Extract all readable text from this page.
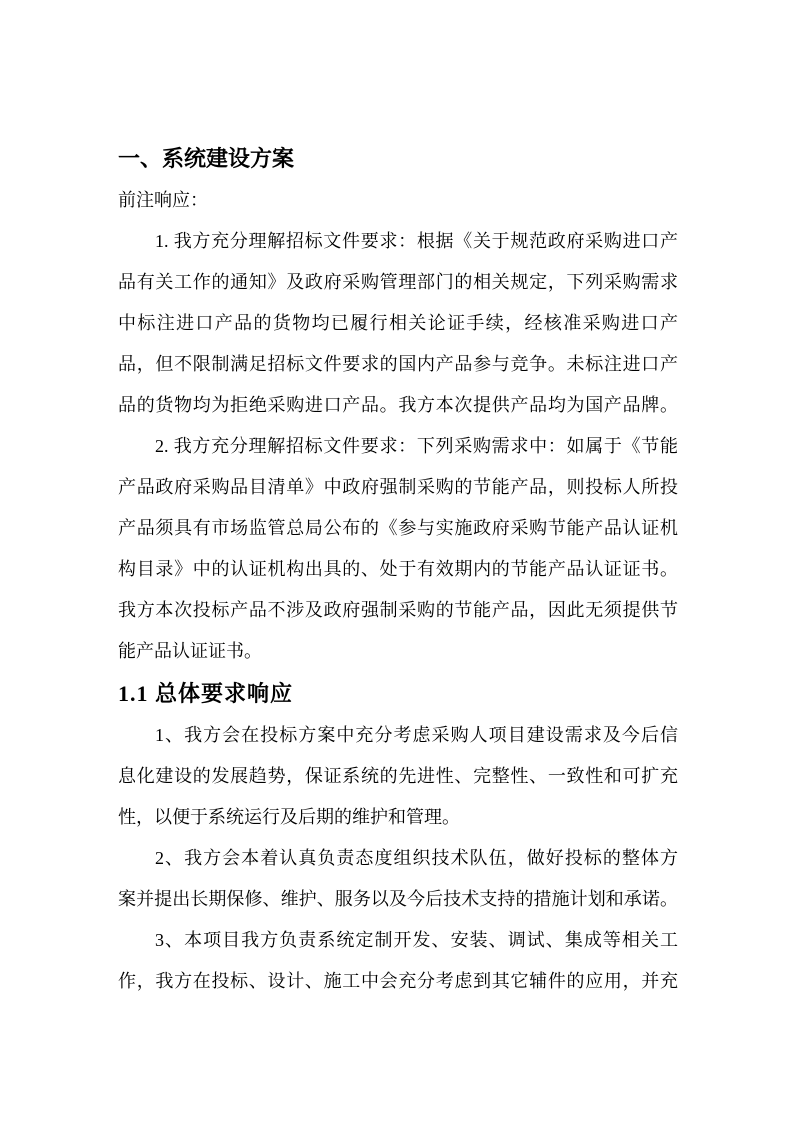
一、系统建设方案
前注响应：
1. 我方充分理解招标文件要求：根据《关于规范政府采购进口产
品有关工作的通知》及政府采购管理部门的相关规定，下列采购需求
中标注进口产品的货物均已履行相关论证手续，经核准采购进口产
品，但不限制满足招标文件要求的国内产品参与竞争。未标注进口产
品的货物均为拒绝采购进口产品。我方本次提供产品均为国产品牌。
2. 我方充分理解招标文件要求：下列采购需求中：如属于《节能
产品政府采购品目清单》中政府强制采购的节能产品，则投标人所投
产品须具有市场监管总局公布的《参与实施政府采购节能产品认证机
构目录》中的认证机构出具的、处于有效期内的节能产品认证证书。
我方本次投标产品不涉及政府强制采购的节能产品，因此无须提供节
能产品认证证书。
1.1 总体要求响应
1、我方会在投标方案中充分考虑采购人项目建设需求及今后信
息化建设的发展趋势，保证系统的先进性、完整性、一致性和可扩充
性，以便于系统运行及后期的维护和管理。
2、我方会本着认真负责态度组织技术队伍，做好投标的整体方
案并提出长期保修、维护、服务以及今后技术支持的措施计划和承诺。
3、本项目我方负责系统定制开发、安装、调试、集成等相关工
作，我方在投标、设计、施工中会充分考虑到其它辅件的应用，并充
